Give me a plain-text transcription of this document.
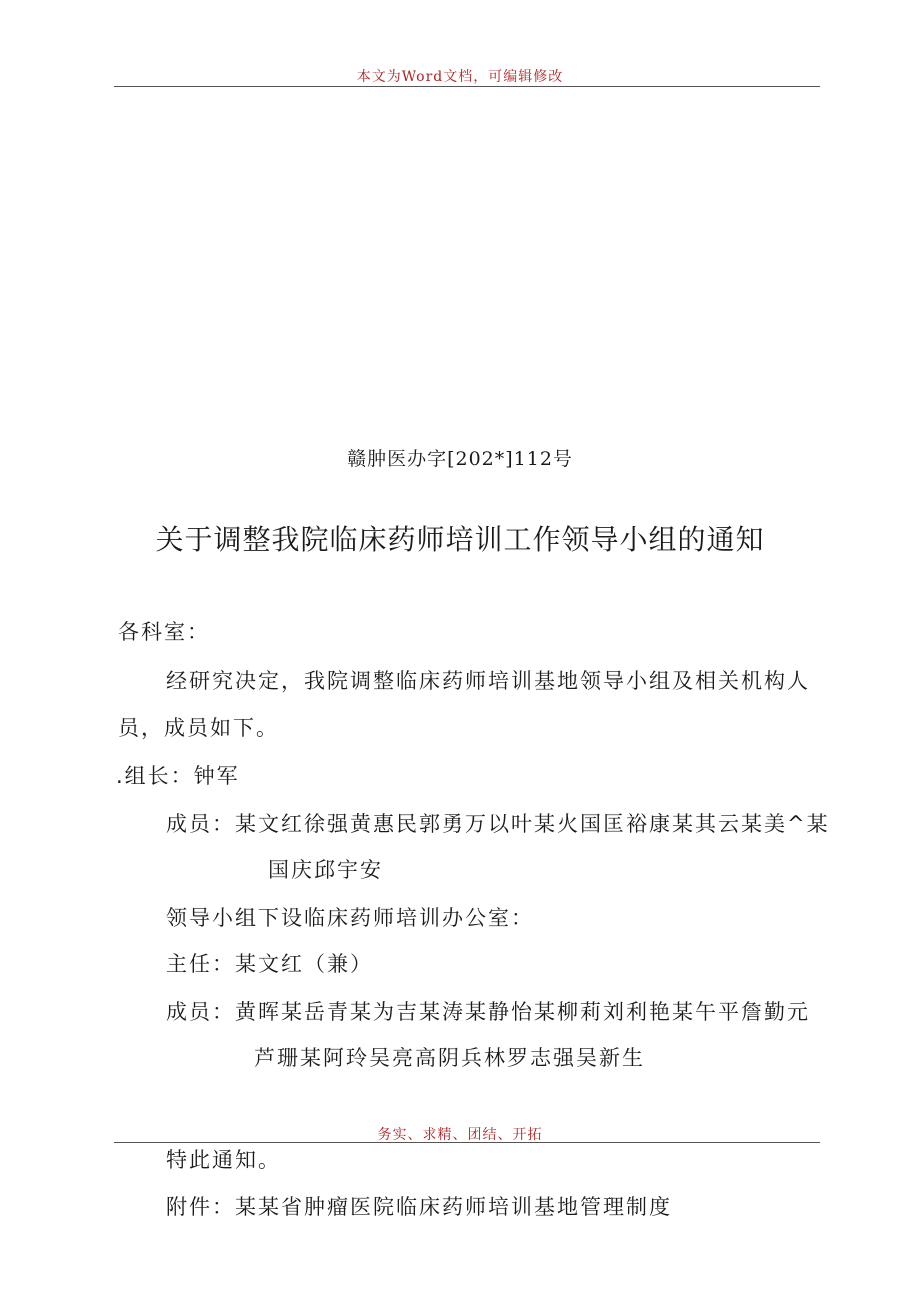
本文为Word文档，可编辑修改
赣肿医办字[202*]112号
关于调整我院临床药师培训工作领导小组的通知
各科室：
经研究决定，我院调整临床药师培训基地领导小组及相关机构人
员，成员如下。
.组长：钟军
成员：某文红徐强黄惠民郭勇万以叶某火国匡裕康某其云某美^某
国庆邱宇安
领导小组下设临床药师培训办公室：
主任：某文红（兼）
成员：黄晖某岳青某为吉某涛某静怡某柳莉刘利艳某午平詹勤元
芦珊某阿玲吴亮高阴兵林罗志强吴新生
务实、求精、团结、开拓
特此通知。
附件：某某省肿瘤医院临床药师培训基地管理制度
